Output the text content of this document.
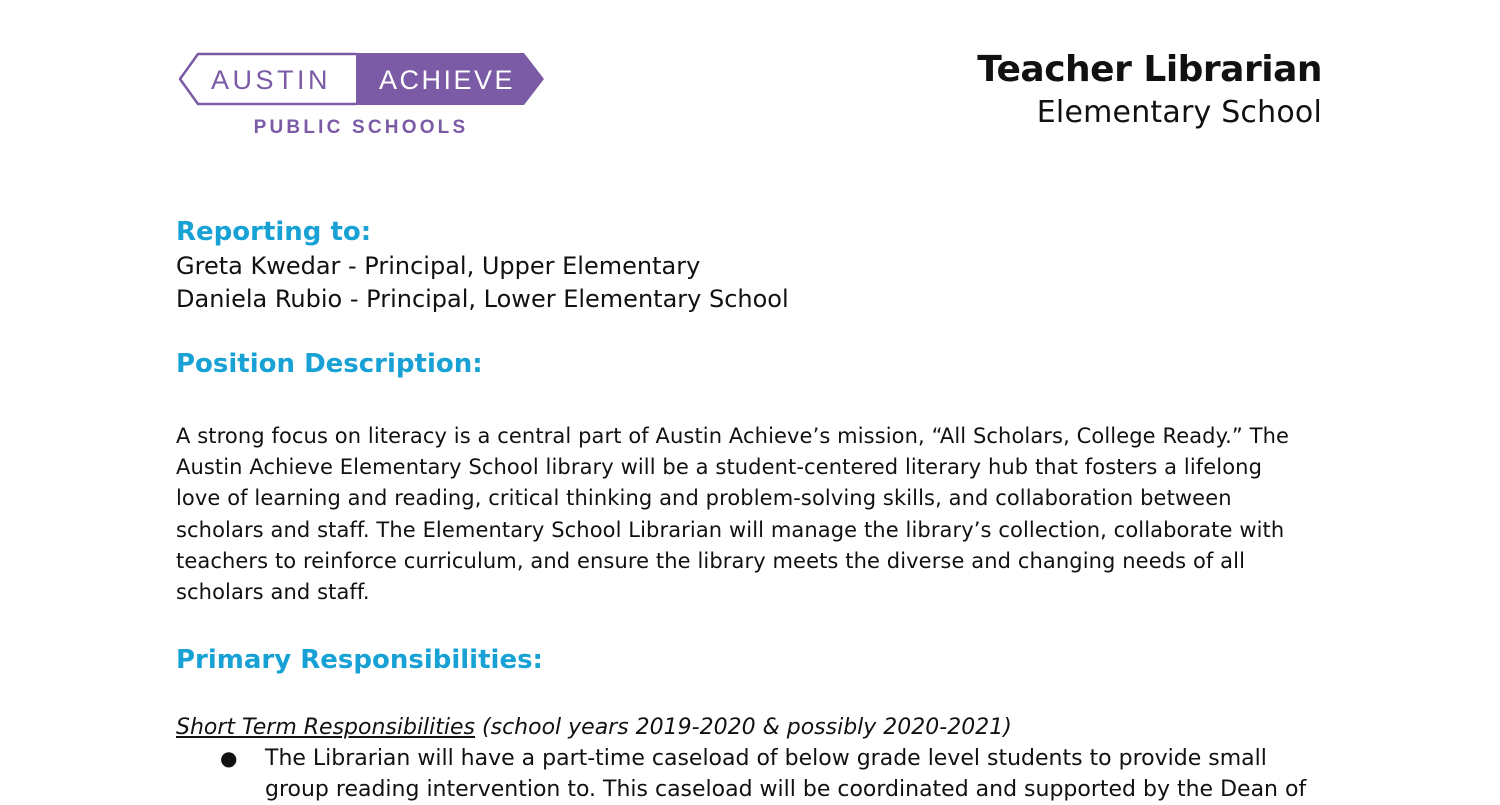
AUSTIN ACHIEVE
PUBLIC SCHOOLS
Teacher Librarian
Elementary School
Reporting to:

Greta Kwedar - Principal, Upper Elementary

Daniela Rubio - Principal, Lower Elementary School

Position Description:

A strong focus on literacy is a central part of Austin Achieve’s mission, “All Scholars, College Ready.” The

Austin Achieve Elementary School library will be a student-centered literary hub that fosters a lifelong

love of learning and reading, critical thinking and problem-solving skills, and collaboration between

scholars and staff. The Elementary School Librarian will manage the library’s collection, collaborate with

teachers to reinforce curriculum, and ensure the library meets the diverse and changing needs of all

scholars and staff.

Primary Responsibilities:

Short Term Responsibilities (school years 2019-2020 & possibly 2020-2021)

● The Librarian will have a part-time caseload of below grade level students to provide small
group reading intervention to. This caseload will be coordinated and supported by the Dean of
